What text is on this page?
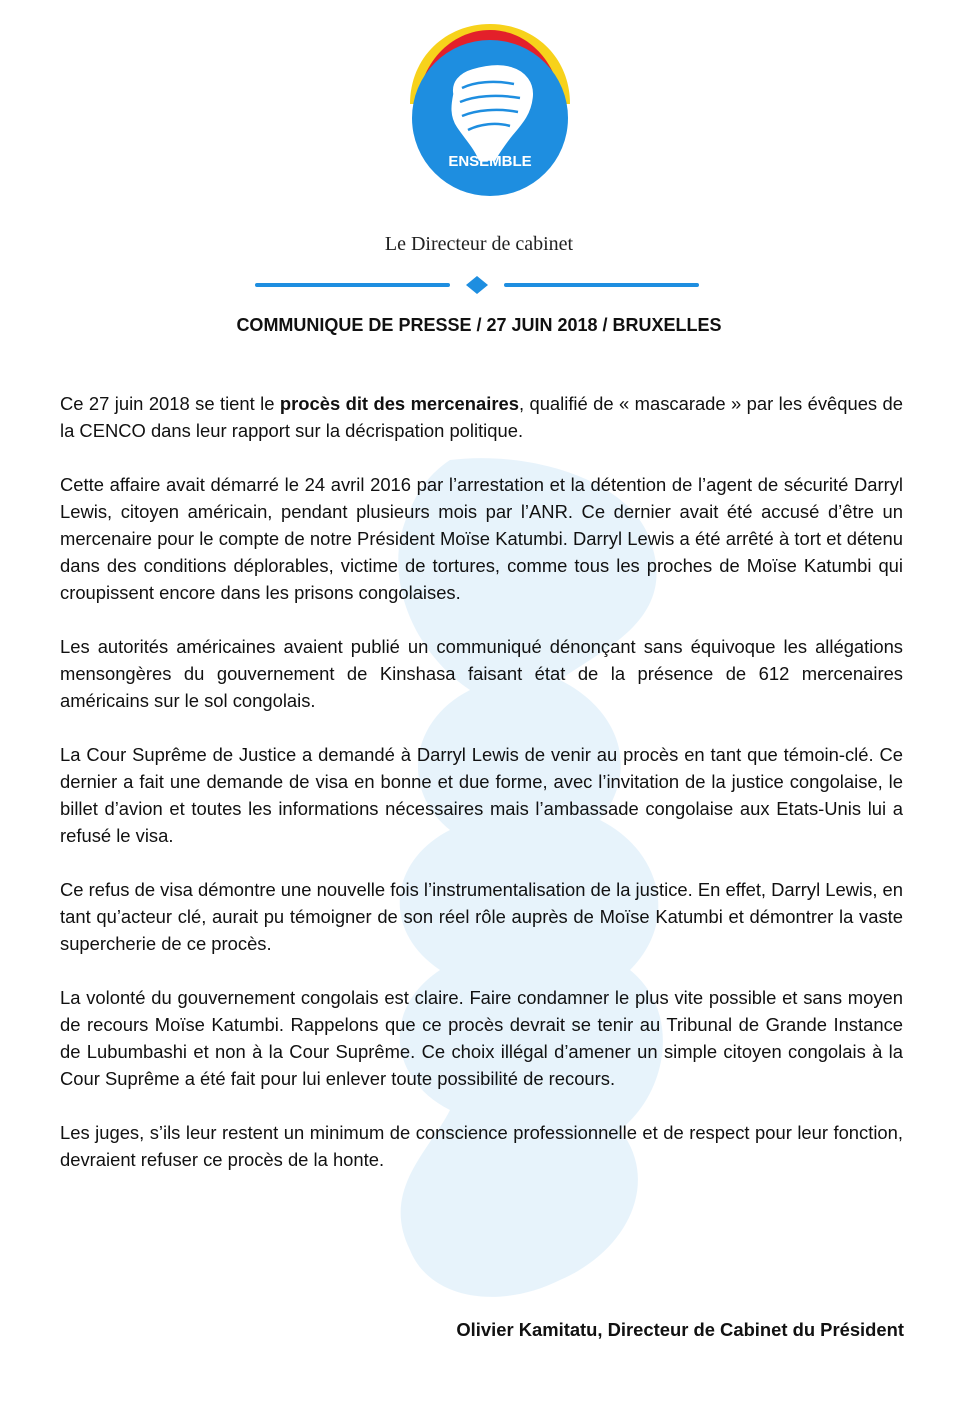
ENSEMBLE
Le Directeur de cabinet
COMMUNIQUE DE PRESSE / 27 JUIN 2018 / BRUXELLES

Ce 27 juin 2018 se tient le procès dit des mercenaires, qualifié de « mascarade » par les évêques de la CENCO dans leur rapport sur la décrispation politique.

Cette affaire avait démarré le 24 avril 2016 par l’arrestation et la détention de l’agent de sécurité Darryl Lewis, citoyen américain, pendant plusieurs mois par l’ANR. Ce dernier avait été accusé d’être un mercenaire pour le compte de notre Président Moïse Katumbi. Darryl Lewis a été arrêté à tort et détenu dans des conditions déplorables, victime de tortures, comme tous les proches de Moïse Katumbi qui croupissent encore dans les prisons congolaises.

Les autorités américaines avaient publié un communiqué dénonçant sans équivoque les allégations mensongères du gouvernement de Kinshasa faisant état de la présence de 612 mercenaires américains sur le sol congolais.

La Cour Suprême de Justice a demandé à Darryl Lewis de venir au procès en tant que témoin-clé. Ce dernier a fait une demande de visa en bonne et due forme, avec l’invitation de la justice congolaise, le billet d’avion et toutes les informations nécessaires mais l’ambassade congolaise aux Etats-Unis lui a refusé le visa.

Ce refus de visa démontre une nouvelle fois l’instrumentalisation de la justice. En effet, Darryl Lewis, en tant qu’acteur clé, aurait pu témoigner de son réel rôle auprès de Moïse Katumbi et démontrer la vaste supercherie de ce procès.

La volonté du gouvernement congolais est claire. Faire condamner le plus vite possible et sans moyen de recours Moïse Katumbi. Rappelons que ce procès devrait se tenir au Tribunal de Grande Instance de Lubumbashi et non à la Cour Suprême. Ce choix illégal d’amener un simple citoyen congolais à la Cour Suprême a été fait pour lui enlever toute possibilité de recours.

Les juges, s’ils leur restent un minimum de conscience professionnelle et de respect pour leur fonction, devraient refuser ce procès de la honte.

Olivier Kamitatu, Directeur de Cabinet du Président
